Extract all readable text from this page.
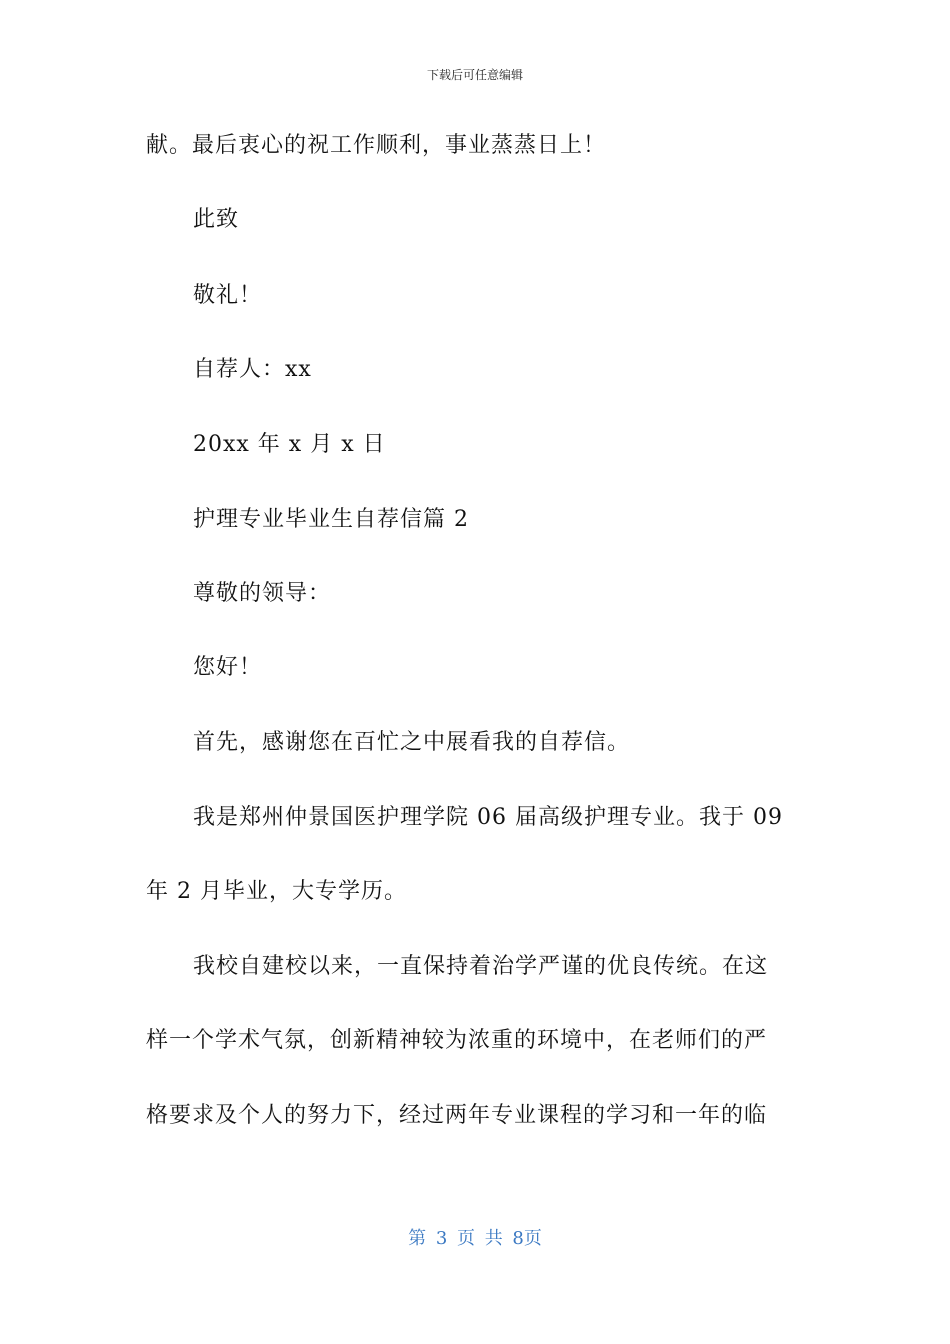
下载后可任意编辑

献。最后衷心的祝工作顺利，事业蒸蒸日上！

此致

敬礼！

自荐人：xx

20xx 年 x 月 x 日

护理专业毕业生自荐信篇 2

尊敬的领导：

您好！

首先，感谢您在百忙之中展看我的自荐信。

我是郑州仲景国医护理学院 06 届高级护理专业。我于 09

年 2 月毕业，大专学历。

我校自建校以来，一直保持着治学严谨的优良传统。在这

样一个学术气氛，创新精神较为浓重的环境中，在老师们的严

格要求及个人的努力下，经过两年专业课程的学习和一年的临

第 3 页 共 8页
